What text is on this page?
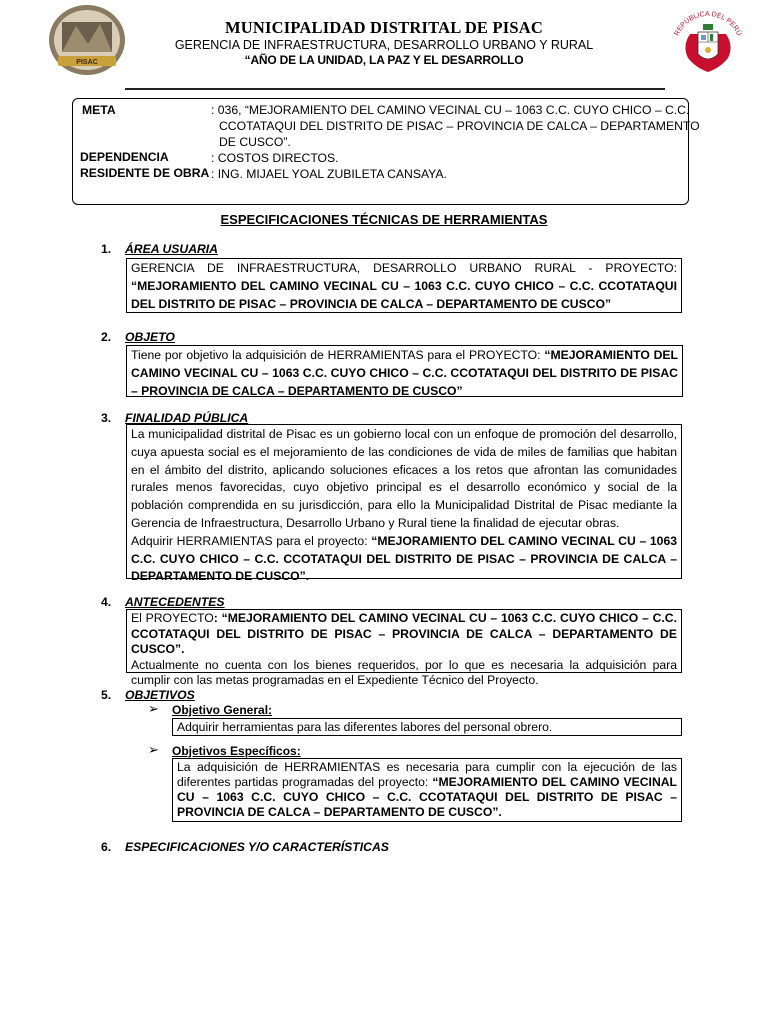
PISAC
REPÚBLICA DEL PERÚ
MUNICIPALIDAD DISTRITAL DE PISAC
GERENCIA DE INFRAESTRUCTURA, DESARROLLO URBANO Y RURAL
“AÑO DE LA UNIDAD, LA PAZ Y EL DESARROLLO
META	: 036, “MEJORAMIENTO DEL CAMINO VECINAL CU – 1063 C.C. CUYO CHICO – C.C.
CCOTATAQUI DEL DISTRITO DE PISAC – PROVINCIA DE CALCA – DEPARTAMENTO
DE CUSCO”.
DEPENDENCIA	: COSTOS DIRECTOS.
RESIDENTE DE OBRA : ING. MIJAEL YOAL ZUBILETA CANSAYA.
ESPECIFICACIONES TÉCNICAS DE HERRAMIENTAS
1. ÁREA USUARIA
GERENCIA DE INFRAESTRUCTURA, DESARROLLO URBANO RURAL - PROYECTO: “MEJORAMIENTO DEL CAMINO VECINAL CU – 1063 C.C. CUYO CHICO – C.C. CCOTATAQUI DEL DISTRITO DE PISAC – PROVINCIA DE CALCA – DEPARTAMENTO DE CUSCO”
2. OBJETO
Tiene por objetivo la adquisición de HERRAMIENTAS para el PROYECTO: “MEJORAMIENTO DEL CAMINO VECINAL CU – 1063 C.C. CUYO CHICO – C.C. CCOTATAQUI DEL DISTRITO DE PISAC – PROVINCIA DE CALCA – DEPARTAMENTO DE CUSCO”
3. FINALIDAD PÚBLICA
La municipalidad distrital de Pisac es un gobierno local con un enfoque de promoción del desarrollo, cuya apuesta social es el mejoramiento de las condiciones de vida de miles de familias que habitan en el ámbito del distrito, aplicando soluciones eficaces a los retos que afrontan las comunidades rurales menos favorecidas, cuyo objetivo principal es el desarrollo económico y social de la población comprendida en su jurisdicción, para ello la Municipalidad Distrital de Pisac mediante la Gerencia de Infraestructura, Desarrollo Urbano y Rural tiene la finalidad de ejecutar obras.
Adquirir HERRAMIENTAS para el proyecto: “MEJORAMIENTO DEL CAMINO VECINAL CU – 1063 C.C. CUYO CHICO – C.C. CCOTATAQUI DEL DISTRITO DE PISAC – PROVINCIA DE CALCA – DEPARTAMENTO DE CUSCO”.
4. ANTECEDENTES
El PROYECTO: “MEJORAMIENTO DEL CAMINO VECINAL CU – 1063 C.C. CUYO CHICO – C.C. CCOTATAQUI DEL DISTRITO DE PISAC – PROVINCIA DE CALCA – DEPARTAMENTO DE CUSCO”.
Actualmente no cuenta con los bienes requeridos, por lo que es necesaria la adquisición para cumplir con las metas programadas en el Expediente Técnico del Proyecto.
5. OBJETIVOS
➢ Objetivo General:
Adquirir herramientas para las diferentes labores del personal obrero.
➢ Objetivos Específicos:
La adquisición de HERRAMIENTAS es necesaria para cumplir con la ejecución de las diferentes partidas programadas del proyecto: “MEJORAMIENTO DEL CAMINO VECINAL CU – 1063 C.C. CUYO CHICO – C.C. CCOTATAQUI DEL DISTRITO DE PISAC – PROVINCIA DE CALCA – DEPARTAMENTO DE CUSCO”.
6. ESPECIFICACIONES Y/O CARACTERÍSTICAS
